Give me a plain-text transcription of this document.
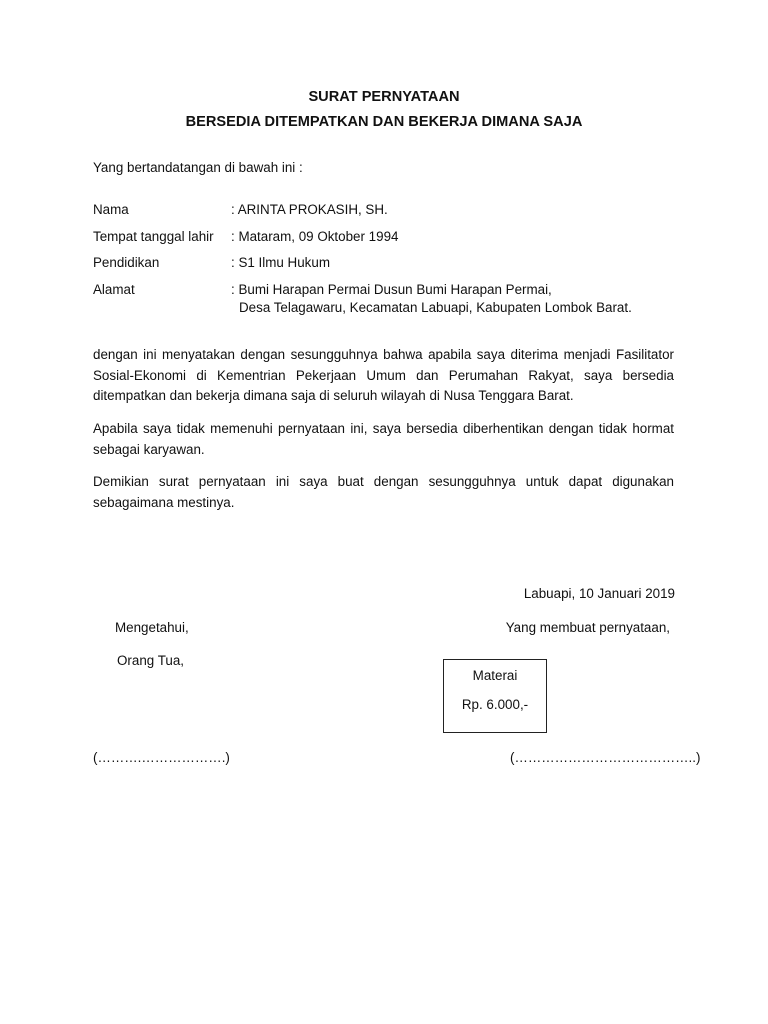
SURAT PERNYATAAN
BERSEDIA DITEMPATKAN DAN BEKERJA DIMANA SAJA
Yang bertandatangan di bawah ini :
Nama	: ARINTA PROKASIH, SH.
Tempat tanggal lahir : Mataram, 09 Oktober 1994
Pendidikan	: S1 Ilmu Hukum
Alamat	: Bumi Harapan Permai Dusun Bumi Harapan Permai,
Desa Telagawaru, Kecamatan Labuapi, Kabupaten Lombok Barat.

dengan ini menyatakan dengan sesungguhnya bahwa apabila saya diterima menjadi Fasilitator Sosial-Ekonomi di Kementrian Pekerjaan Umum dan Perumahan Rakyat, saya bersedia ditempatkan dan bekerja dimana saja di seluruh wilayah di Nusa Tenggara Barat.

Apabila saya tidak memenuhi pernyataan ini, saya bersedia diberhentikan dengan tidak hormat sebagai karyawan.

Demikian surat pernyataan ini saya buat dengan sesungguhnya untuk dapat digunakan sebagaimana mestinya.

Labuapi, 10 Januari 2019
Mengetahui,
Orang Tua,
Yang membuat pernyataan,
Materai
Rp. 6.000,-
(……….……………….)	(…………………………………..)
